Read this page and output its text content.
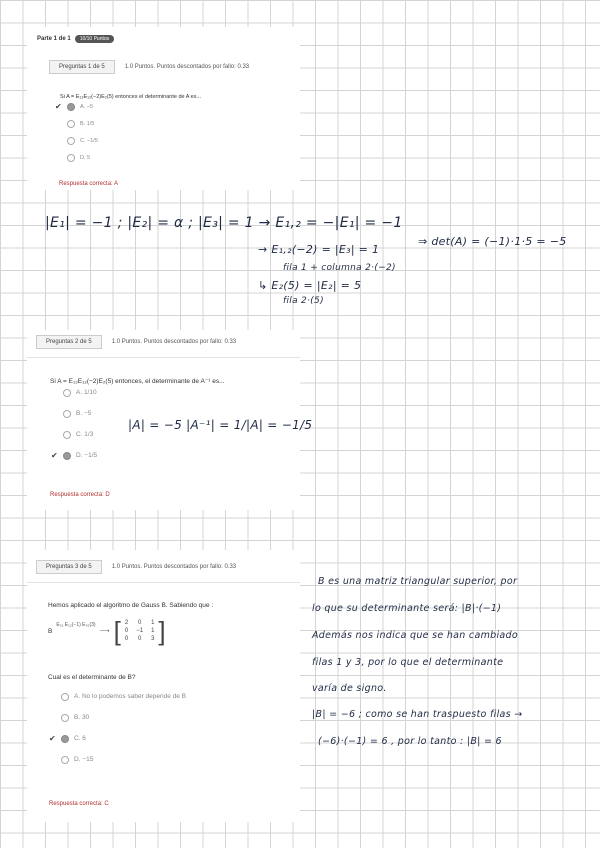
Parte 1 de 1	10/10 Puntos
Preguntas 1 de 5	1.0 Puntos. Puntos descontados por fallo: 0.33
Si A = E₁₃E₁₂(−2)E₂(5) entonces el determinante de A es...
✔	A. −5
B. 1/5
C. −1/5
D. 5
Respuesta correcta: A
|E₁| = −1 ; |E₂| = α ; |E₃| = 1 → E₁,₂ = −|E₁| = −1
→ E₁,₂(−2) = |E₃| = 1
fila 1 + columna 2·(−2)
↳ E₂(5) = |E₂| = 5
fila 2·(5)
⇒ det(A) = (−1)·1·5 = −5
Preguntas 2 de 5	1.0 Puntos. Puntos descontados por fallo: 0.33
Si A = E₁₃E₁₂(−2)E₂(5) entonces, el determinante de A⁻¹ es...
A. 1/10
B. −5
C. 1/3
✔	D. −1/5
Respuesta correcta: D
|A| = −5 |A⁻¹| = 1/|A| = −1/5
Preguntas 3 de 5	1.0 Puntos. Puntos descontados por fallo: 0.33
Hemos aplicado el algoritmo de Gauss B. Sabiendo que :
B
E₃₁ E₁₂(−1) E₃₂(3)
⟶ [ 2	0	1
0	−1	1
0	0	3 ]
Cual es el determinante de B?
A. No lo podemos saber depende de B
B. 30
✔	C. 6
D. −15
Respuesta correcta: C
B es una matriz triangular superior, por
lo que su determinante será: |B|·(−1)
Además nos indica que se han cambiado
filas 1 y 3, por lo que el determinante
varía de signo.
|B| = −6 ; como se han traspuesto filas →
(−6)·(−1) = 6 , por lo tanto : |B| = 6
